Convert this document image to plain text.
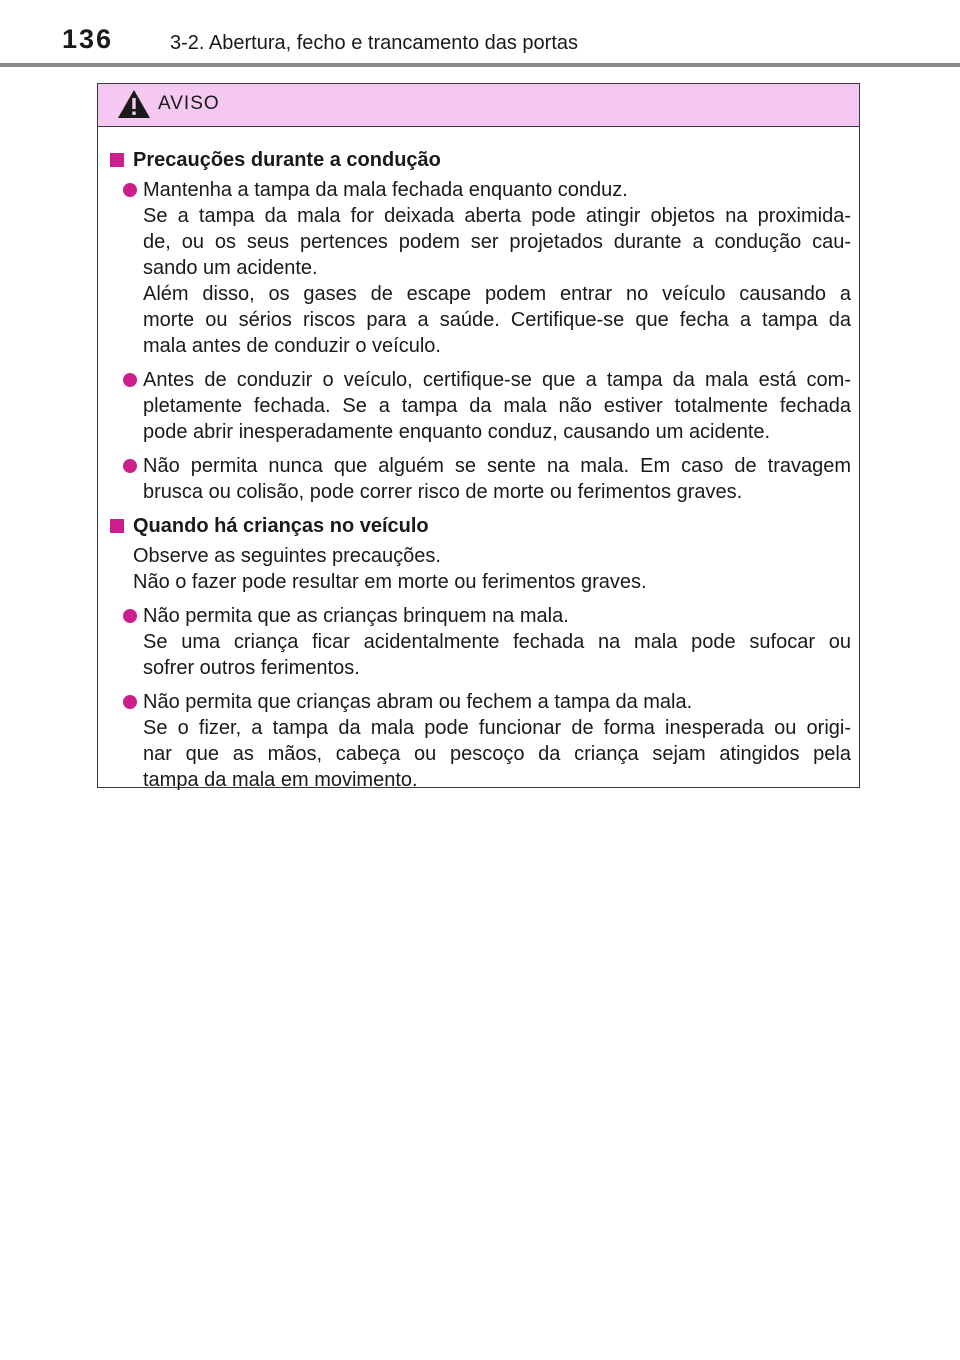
136	3-2. Abertura, fecho e trancamento das portas
AVISO
Precauções durante a condução
Mantenha a tampa da mala fechada enquanto conduz.
Se a tampa da mala for deixada aberta pode atingir objetos na proximida-
de, ou os seus pertences podem ser projetados durante a condução cau-
sando um acidente.
Além disso, os gases de escape podem entrar no veículo causando a
morte ou sérios riscos para a saúde. Certifique-se que fecha a tampa da
mala antes de conduzir o veículo.
Antes de conduzir o veículo, certifique-se que a tampa da mala está com-
pletamente fechada. Se a tampa da mala não estiver totalmente fechada
pode abrir inesperadamente enquanto conduz, causando um acidente.
Não permita nunca que alguém se sente na mala. Em caso de travagem
brusca ou colisão, pode correr risco de morte ou ferimentos graves.
Quando há crianças no veículo
Observe as seguintes precauções.
Não o fazer pode resultar em morte ou ferimentos graves.
Não permita que as crianças brinquem na mala.
Se uma criança ficar acidentalmente fechada na mala pode sufocar ou
sofrer outros ferimentos.
Não permita que crianças abram ou fechem a tampa da mala.
Se o fizer, a tampa da mala pode funcionar de forma inesperada ou origi-
nar que as mãos, cabeça ou pescoço da criança sejam atingidos pela
tampa da mala em movimento.
